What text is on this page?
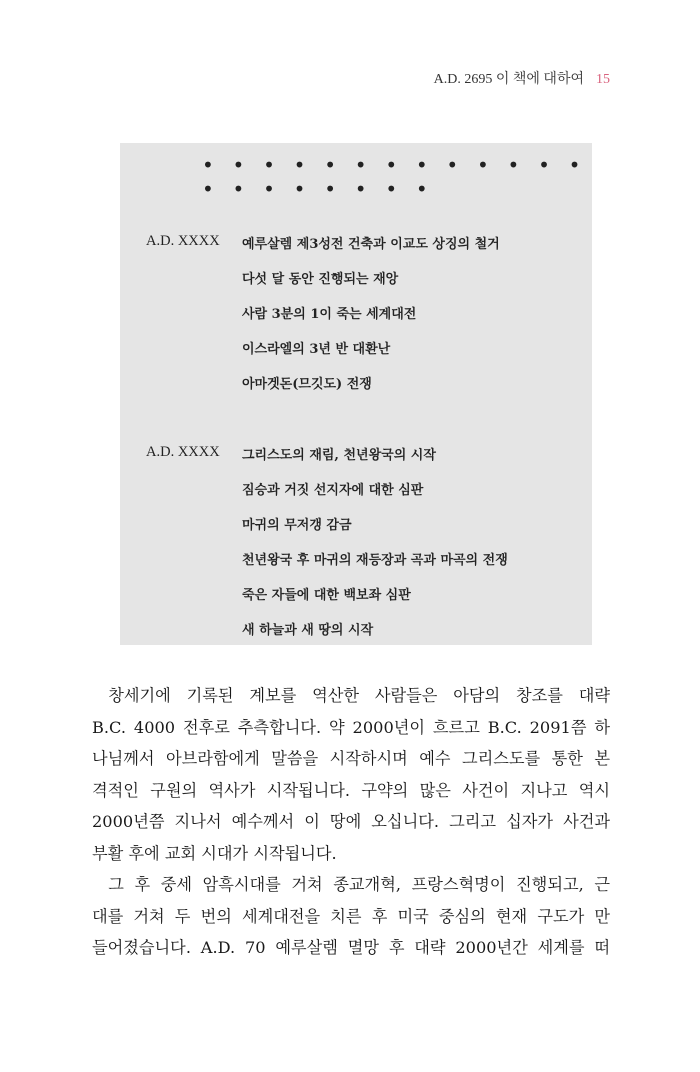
A.D. 2695 이 책에 대하여 15
• • • • • • • • • • • • • • • • • • • • •
A.D. XXXX 예루살렘 제3성전 건축과 이교도 상징의 철거
다섯 달 동안 진행되는 재앙
사람 3분의 1이 죽는 세계대전
이스라엘의 3년 반 대환난
아마겟돈(므깃도) 전쟁
A.D. XXXX 그리스도의 재림, 천년왕국의 시작
짐승과 거짓 선지자에 대한 심판
마귀의 무저갱 감금
천년왕국 후 마귀의 재등장과 곡과 마곡의 전쟁
죽은 자들에 대한 백보좌 심판
새 하늘과 새 땅의 시작

창세기에 기록된 계보를 역산한 사람들은 아담의 창조를 대략

B.C. 4000 전후로 추측합니다. 약 2000년이 흐르고 B.C. 2091쯤 하

나님께서 아브라함에게 말씀을 시작하시며 예수 그리스도를 통한 본

격적인 구원의 역사가 시작됩니다. 구약의 많은 사건이 지나고 역시

2000년쯤 지나서 예수께서 이 땅에 오십니다. 그리고 십자가 사건과

부활 후에 교회 시대가 시작됩니다.

그 후 중세 암흑시대를 거쳐 종교개혁, 프랑스혁명이 진행되고, 근

대를 거쳐 두 번의 세계대전을 치른 후 미국 중심의 현재 구도가 만

들어졌습니다. A.D. 70 예루살렘 멸망 후 대략 2000년간 세계를 떠
